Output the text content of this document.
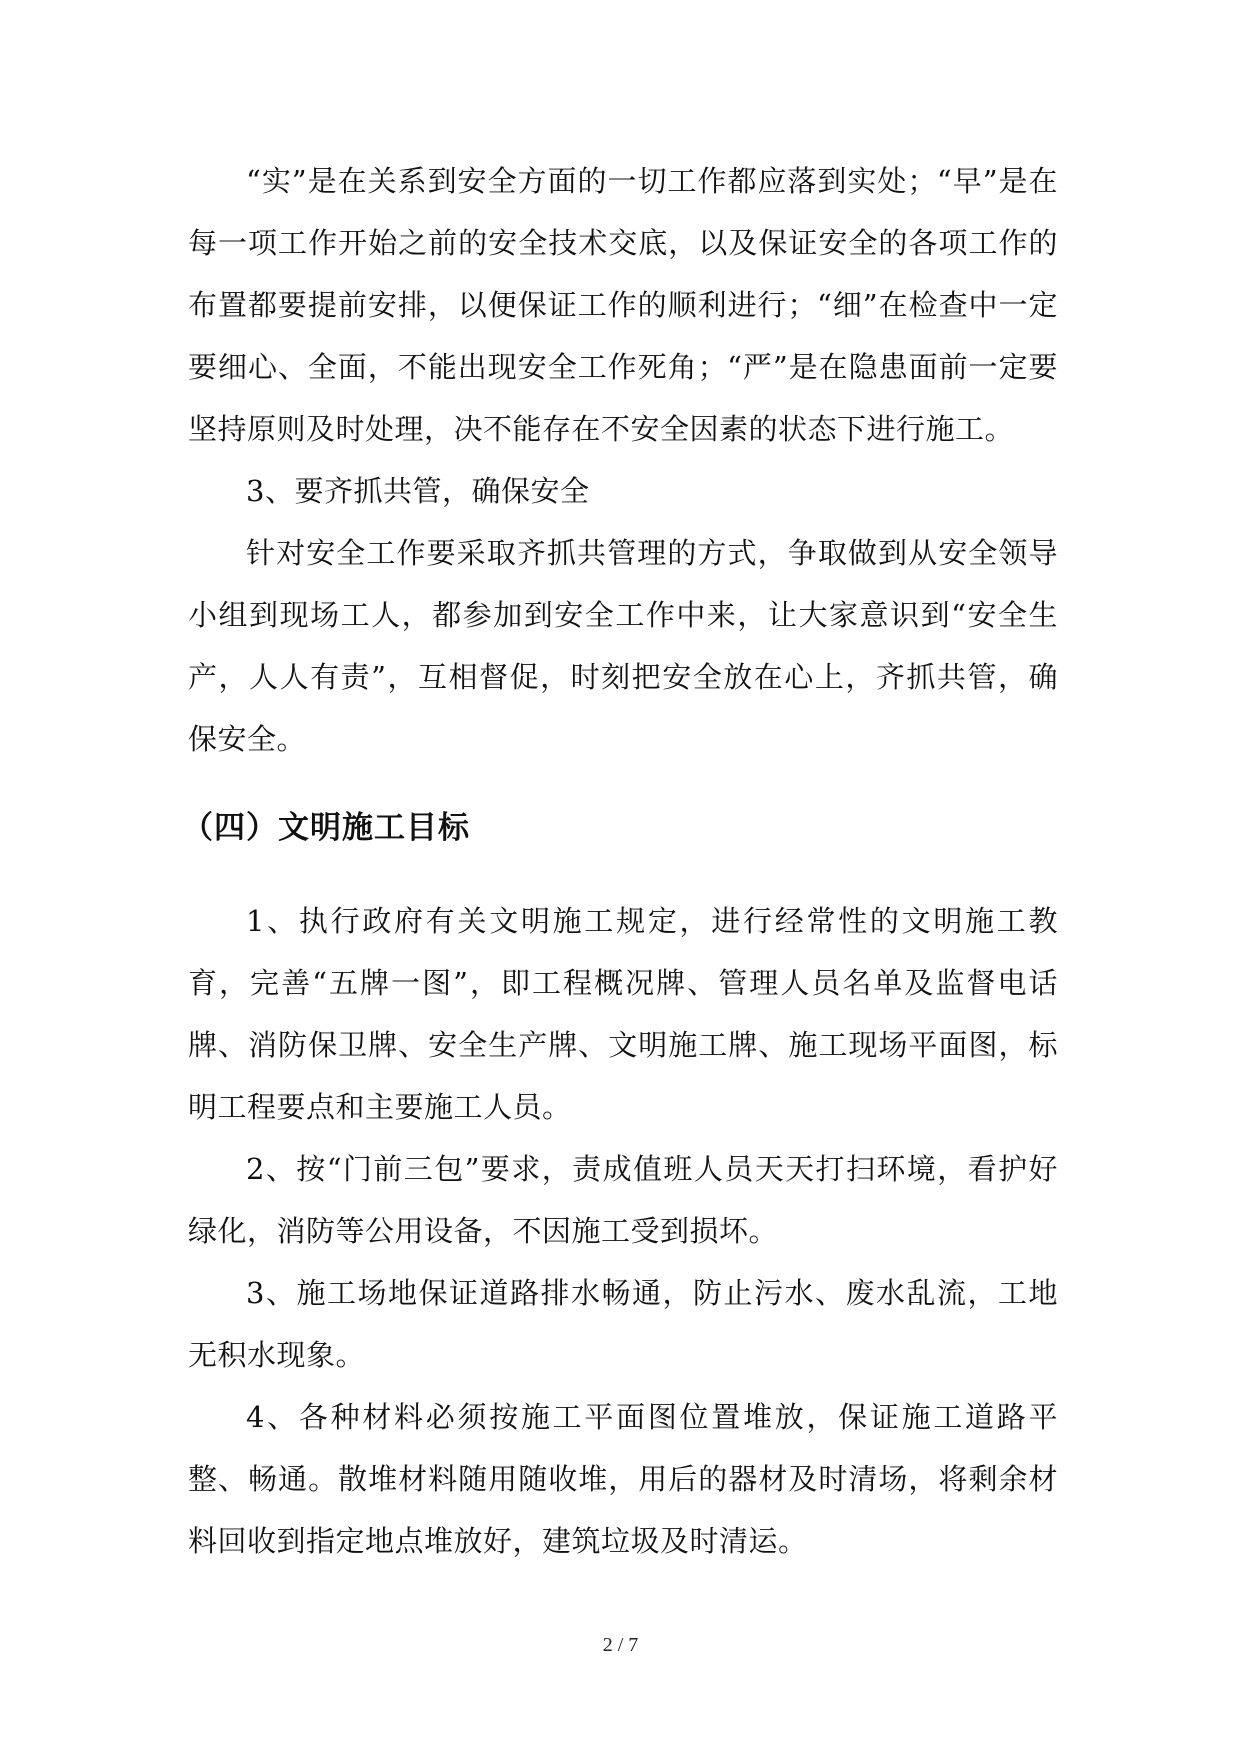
“实”是在关系到安全方面的一切工作都应落到实处；“早”是在每一项工作开始之前的安全技术交底，以及保证安全的各项工作的布置都要提前安排，以便保证工作的顺利进行；“细”在检查中一定要细心、全面，不能出现安全工作死角；“严”是在隐患面前一定要坚持原则及时处理，决不能存在不安全因素的状态下进行施工。

3、要齐抓共管，确保安全

针对安全工作要采取齐抓共管理的方式，争取做到从安全领导小组到现场工人，都参加到安全工作中来，让大家意识到“安全生产，人人有责”，互相督促，时刻把安全放在心上，齐抓共管，确保安全。

（四）文明施工目标

1、执行政府有关文明施工规定，进行经常性的文明施工教育，完善“五牌一图”，即工程概况牌、管理人员名单及监督电话牌、消防保卫牌、安全生产牌、文明施工牌、施工现场平面图，标明工程要点和主要施工人员。

2、按“门前三包”要求，责成值班人员天天打扫环境，看护好绿化，消防等公用设备，不因施工受到损坏。

3、施工场地保证道路排水畅通，防止污水、废水乱流，工地无积水现象。

4、各种材料必须按施工平面图位置堆放，保证施工道路平整、畅通。散堆材料随用随收堆，用后的器材及时清场，将剩余材料回收到指定地点堆放好，建筑垃圾及时清运。

2 / 7
